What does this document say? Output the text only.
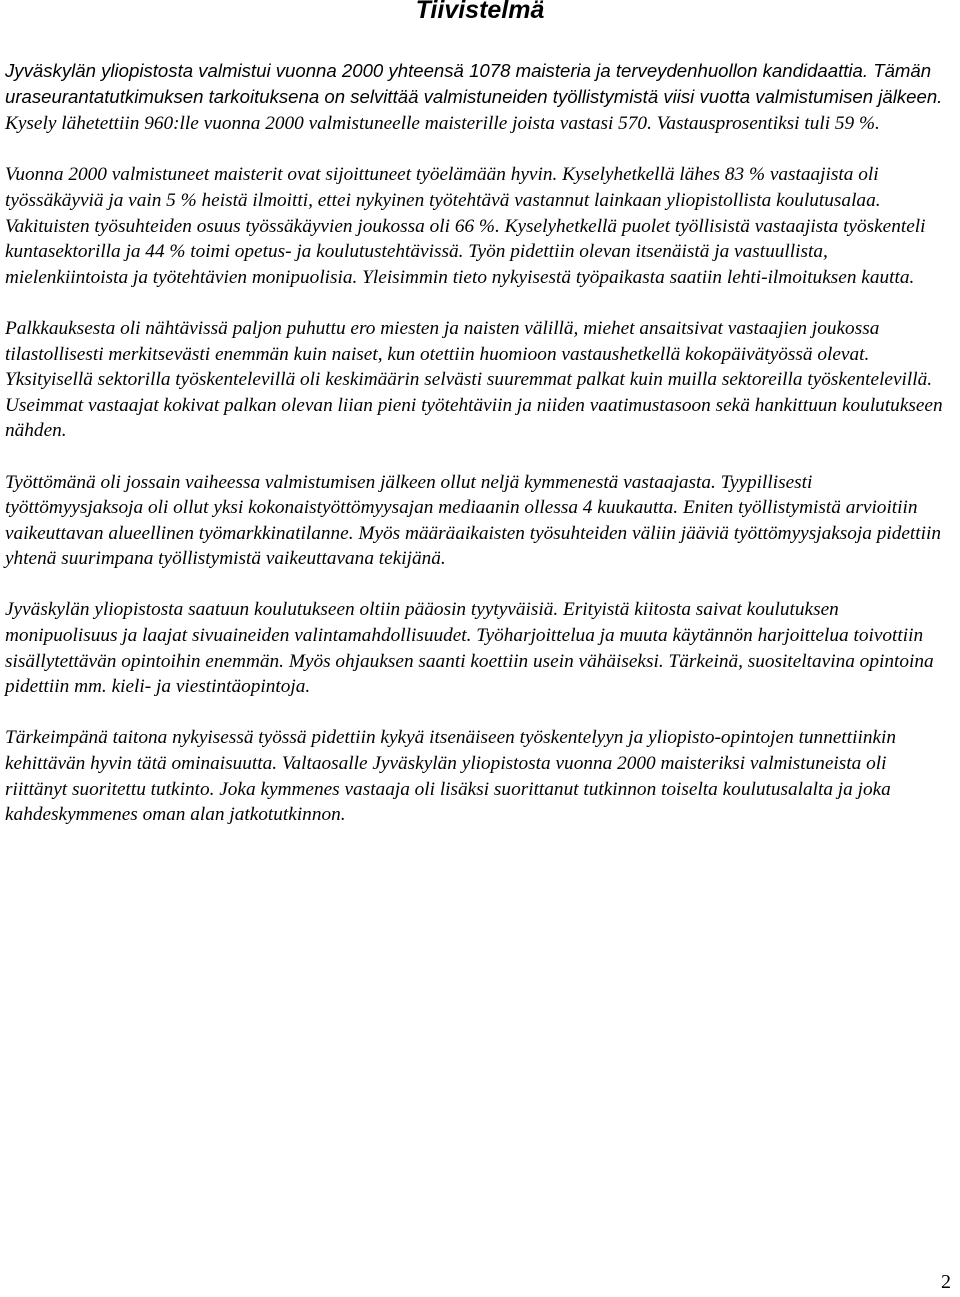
Tiivistelmä

Jyväskylän yliopistosta valmistui vuonna 2000 yhteensä 1078 maisteria ja terveydenhuollon kandidaattia. Tämän uraseurantatutkimuksen tarkoituksena on selvittää valmistuneiden työllistymistä viisi vuotta valmistumisen jälkeen. Kysely lähetettiin 960:lle vuonna 2000 valmistuneelle maisterille joista vastasi 570. Vastausprosentiksi tuli 59 %.

Vuonna 2000 valmistuneet maisterit ovat sijoittuneet työelämään hyvin. Kyselyhetkellä lähes 83 % vastaajista oli työssäkäyviä ja vain 5 % heistä ilmoitti, ettei nykyinen työtehtävä vastannut lainkaan yliopistollista koulutusalaa. Vakituisten työsuhteiden osuus työssäkäyvien joukossa oli 66 %. Kyselyhetkellä puolet työllisistä vastaajista työskenteli kuntasektorilla ja 44 % toimi opetus- ja koulutustehtävissä. Työn pidettiin olevan itsenäistä ja vastuullista, mielenkiintoista ja työtehtävien monipuolisia. Yleisimmin tieto nykyisestä työpaikasta saatiin lehti-ilmoituksen kautta.

Palkkauksesta oli nähtävissä paljon puhuttu ero miesten ja naisten välillä, miehet ansaitsivat vastaajien joukossa tilastollisesti merkitsevästi enemmän kuin naiset, kun otettiin huomioon vastaushetkellä kokopäivätyössä olevat. Yksityisellä sektorilla työskentelevillä oli keskimäärin selvästi suuremmat palkat kuin muilla sektoreilla työskentelevillä. Useimmat vastaajat kokivat palkan olevan liian pieni työtehtäviin ja niiden vaatimustasoon sekä hankittuun koulutukseen nähden.

Työttömänä oli jossain vaiheessa valmistumisen jälkeen ollut neljä kymmenestä vastaajasta. Tyypillisesti työttömyysjaksoja oli ollut yksi kokonaistyöttömyysajan mediaanin ollessa 4 kuukautta. Eniten työllistymistä arvioitiin vaikeuttavan alueellinen työmarkkinatilanne. Myös määräaikaisten työsuhteiden väliin jääviä työttömyysjaksoja pidettiin yhtenä suurimpana työllistymistä vaikeuttavana tekijänä.

Jyväskylän yliopistosta saatuun koulutukseen oltiin pääosin tyytyväisiä. Erityistä kiitosta saivat koulutuksen monipuolisuus ja laajat sivuaineiden valintamahdollisuudet. Työharjoittelua ja muuta käytännön harjoittelua toivottiin sisällytettävän opintoihin enemmän. Myös ohjauksen saanti koettiin usein vähäiseksi. Tärkeinä, suositeltavina opintoina pidettiin mm. kieli- ja viestintäopintoja.

Tärkeimpänä taitona nykyisessä työssä pidettiin kykyä itsenäiseen työskentelyyn ja yliopisto-opintojen tunnettiinkin kehittävän hyvin tätä ominaisuutta. Valtaosalle Jyväskylän yliopistosta vuonna 2000 maisteriksi valmistuneista oli riittänyt suoritettu tutkinto. Joka kymmenes vastaaja oli lisäksi suorittanut tutkinnon toiselta koulutusalalta ja joka kahdeskymmenes oman alan jatkotutkinnon.

2
